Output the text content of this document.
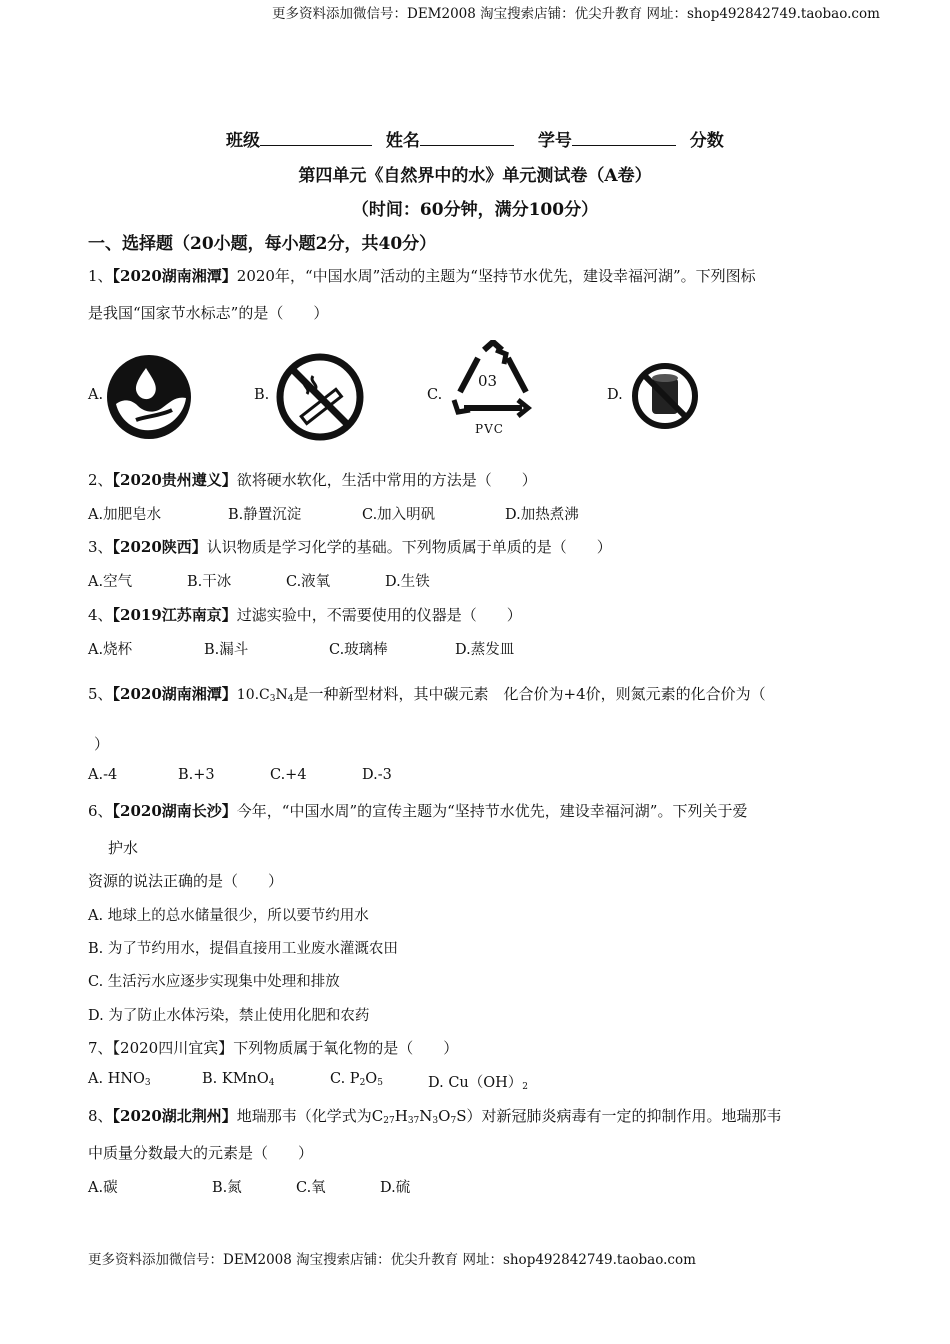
更多资料添加微信号：DEM2008 淘宝搜索店铺：优尖升教育 网址：shop492842749.taobao.com
班级	姓名	学号	分数
第四单元《自然界中的水》单元测试卷（A卷）
（时间：60分钟，满分100分）
一、选择题（20小题，每小题2分，共40分）
1、【2020湖南湘潭】2020年，“中国水周”活动的主题为“坚持节水优先，建设幸福河湖”。下列图标
是我国“国家节水标志”的是（　　）
A.	B.	C.	D.
03
PVC
2、【2020贵州遵义】欲将硬水软化，生活中常用的方法是（　　）
A.加肥皂水	B.静置沉淀	C.加入明矾	D.加热煮沸
3、【2020陕西】认识物质是学习化学的基础。下列物质属于单质的是（　　）
A.空气	B.干冰	C.液氧	D.生铁
4、【2019江苏南京】过滤实验中，不需要使用的仪器是（　　）
A.烧杯	B.漏斗	C.玻璃棒	D.蒸发皿
5、【2020湖南湘潭】$10.C_3N_4$是一种新型材料，其中碳元素　化合价为+4价，则氮元素的化合价为（
）
A.-4	B.+3	C.+4	D.-3
6、【2020湖南长沙】今年，“中国水周”的宣传主题为“坚持节水优先，建设幸福河湖”。下列关于爱
护水
资源的说法正确的是（　　）
A. 地球上的总水储量很少，所以要节约用水
B. 为了节约用水，提倡直接用工业废水灌溉农田
C. 生活污水应逐步实现集中处理和排放
D. 为了防止水体污染，禁止使用化肥和农药
7、【2020四川宜宾】下列物质属于氧化物的是（　　）
A. $HNO_3$	B. KMnO$_4$	C. $P_2O_5$	D. $Cu(OH)_2$
8、【2020湖北荆州】地瑞那韦（化学式为$C_{27}H_{37}N_3O_7S$）对新冠肺炎病毒有一定的抑制作用。地瑞那韦
中质量分数最大的元素是（　　）
A.碳	B.氮	C.氧	D.硫
更多资料添加微信号：DEM2008 淘宝搜索店铺：优尖升教育 网址：shop492842749.taobao.com
